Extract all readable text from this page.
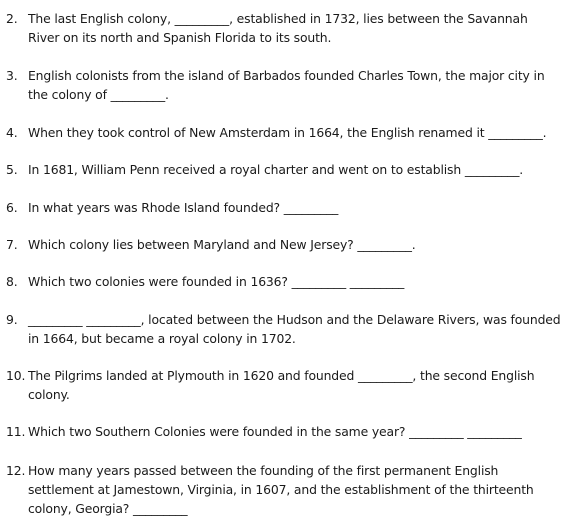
2. The last English colony, _________, established in 1732, lies between the Savannah River on its north and Spanish Florida to its south.
3. English colonists from the island of Barbados founded Charles Town, the major city in the colony of _________.
4. When they took control of New Amsterdam in 1664, the English renamed it _________.
5. In 1681, William Penn received a royal charter and went on to establish _________.
6. In what years was Rhode Island founded? _________
7. Which colony lies between Maryland and New Jersey? _________.
8. Which two colonies were founded in 1636? _________ _________
9. _________ _________, located between the Hudson and the Delaware Rivers, was founded in 1664, but became a royal colony in 1702.
10. The Pilgrims landed at Plymouth in 1620 and founded _________, the second English colony.
11. Which two Southern Colonies were founded in the same year? _________ _________
12. How many years passed between the founding of the first permanent English settlement at Jamestown, Virginia, in 1607, and the establishment of the thirteenth colony, Georgia? _________
